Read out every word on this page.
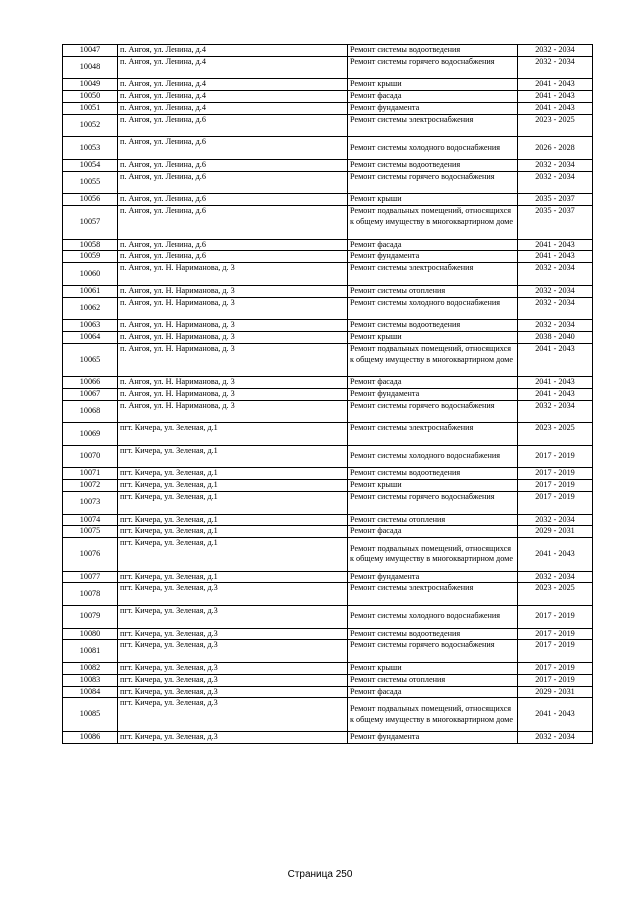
10047	п. Ангоя, ул. Ленина, д.4	Ремонт системы водоотведения	2032 - 2034
10048	п. Ангоя, ул. Ленина, д.4	Ремонт системы горячего водоснабжения	2032 - 2034
10049	п. Ангоя, ул. Ленина, д.4	Ремонт крыши	2041 - 2043
10050	п. Ангоя, ул. Ленина, д.4	Ремонт фасада	2041 - 2043
10051	п. Ангоя, ул. Ленина, д.4	Ремонт фундамента	2041 - 2043
10052	п. Ангоя, ул. Ленина, д.6	Ремонт системы электроснабжения	2023 - 2025
10053	п. Ангоя, ул. Ленина, д.6	Ремонт системы холодного водоснабжения	2026 - 2028
10054	п. Ангоя, ул. Ленина, д.6	Ремонт системы водоотведения	2032 - 2034
10055	п. Ангоя, ул. Ленина, д.6	Ремонт системы горячего водоснабжения	2032 - 2034
10056	п. Ангоя, ул. Ленина, д.6	Ремонт крыши	2035 - 2037
10057	п. Ангоя, ул. Ленина, д.6	Ремонт подвальных помещений, относящихся к общему имуществу в многоквартирном доме	2035 - 2037
10058	п. Ангоя, ул. Ленина, д.6	Ремонт фасада	2041 - 2043
10059	п. Ангоя, ул. Ленина, д.6	Ремонт фундамента	2041 - 2043
10060	п. Ангоя, ул. Н. Нариманова, д. 3	Ремонт системы электроснабжения	2032 - 2034
10061	п. Ангоя, ул. Н. Нариманова, д. 3	Ремонт системы отопления	2032 - 2034
10062	п. Ангоя, ул. Н. Нариманова, д. 3	Ремонт системы холодного водоснабжения	2032 - 2034
10063	п. Ангоя, ул. Н. Нариманова, д. 3	Ремонт системы водоотведения	2032 - 2034
10064	п. Ангоя, ул. Н. Нариманова, д. 3	Ремонт крыши	2038 - 2040
10065	п. Ангоя, ул. Н. Нариманова, д. 3	Ремонт подвальных помещений, относящихся к общему имуществу в многоквартирном доме	2041 - 2043
10066	п. Ангоя, ул. Н. Нариманова, д. 3	Ремонт фасада	2041 - 2043
10067	п. Ангоя, ул. Н. Нариманова, д. 3	Ремонт фундамента	2041 - 2043
10068	п. Ангоя, ул. Н. Нариманова, д. 3	Ремонт системы горячего водоснабжения	2032 - 2034
10069	пгт. Кичера, ул. Зеленая, д.1	Ремонт системы электроснабжения	2023 - 2025
10070	пгт. Кичера, ул. Зеленая, д.1	Ремонт системы холодного водоснабжения	2017 - 2019
10071	пгт. Кичера, ул. Зеленая, д.1	Ремонт системы водоотведения	2017 - 2019
10072	пгт. Кичера, ул. Зеленая, д.1	Ремонт крыши	2017 - 2019
10073	пгт. Кичера, ул. Зеленая, д.1	Ремонт системы горячего водоснабжения	2017 - 2019
10074	пгт. Кичера, ул. Зеленая, д.1	Ремонт системы отопления	2032 - 2034
10075	пгт. Кичера, ул. Зеленая, д.1	Ремонт фасада	2029 - 2031
10076	пгт. Кичера, ул. Зеленая, д.1	Ремонт подвальных помещений, относящихся к общему имуществу в многоквартирном доме	2041 - 2043
10077	пгт. Кичера, ул. Зеленая, д.1	Ремонт фундамента	2032 - 2034
10078	пгт. Кичера, ул. Зеленая, д.3	Ремонт системы электроснабжения	2023 - 2025
10079	пгт. Кичера, ул. Зеленая, д.3	Ремонт системы холодного водоснабжения	2017 - 2019
10080	пгт. Кичера, ул. Зеленая, д.3	Ремонт системы водоотведения	2017 - 2019
10081	пгт. Кичера, ул. Зеленая, д.3	Ремонт системы горячего водоснабжения	2017 - 2019
10082	пгт. Кичера, ул. Зеленая, д.3	Ремонт крыши	2017 - 2019
10083	пгт. Кичера, ул. Зеленая, д.3	Ремонт системы отопления	2017 - 2019
10084	пгт. Кичера, ул. Зеленая, д.3	Ремонт фасада	2029 - 2031
10085	пгт. Кичера, ул. Зеленая, д.3	Ремонт подвальных помещений, относящихся к общему имуществу в многоквартирном доме	2041 - 2043
10086	пгт. Кичера, ул. Зеленая, д.3	Ремонт фундамента	2032 - 2034
Страница 250
